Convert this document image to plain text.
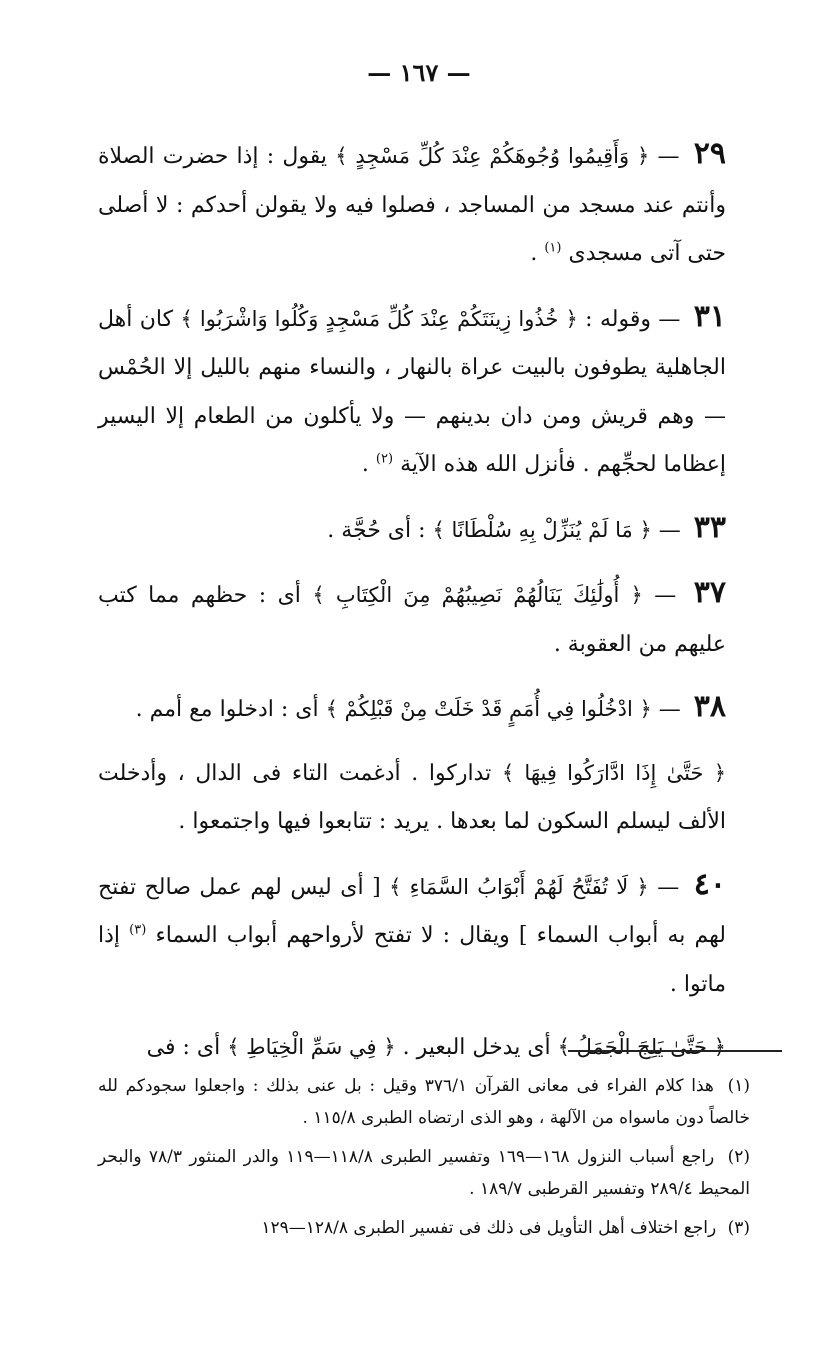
— ١٦٧ —

٢٩ — ﴿ وَأَقِيمُوا وُجُوهَكُمْ عِنْدَ كُلِّ مَسْجِدٍ ﴾ يقول : إذا حضرت الصلاة وأنتم عند مسجد من المساجد ، فصلوا فيه ولا يقولن أحدكم : لا أصلى حتى آتى مسجدى $^{(١)}$ .

٣١ — وقوله : ﴿ خُذُوا زِينَتَكُمْ عِنْدَ كُلِّ مَسْجِدٍ وَكُلُوا وَاشْرَبُوا ﴾ كان أهل الجاهلية يطوفون بالبيت عراة بالنهار ، والنساء منهم بالليل إلا الحُمْس — وهم قريش ومن دان بدينهم — ولا يأكلون من الطعام إلا اليسير إعظاما لحجِّهم . فأنزل الله هذه الآية $^{(٢)}$ .

٣٣ — ﴿ مَا لَمْ يُنَزِّلْ بِهِ سُلْطَانًا ﴾ : أى حُجَّة .

٣٧ — ﴿ أُولَٰئِكَ يَنَالُهُمْ نَصِيبُهُمْ مِنَ الْكِتَابِ ﴾ أى : حظهم مما كتب عليهم من العقوبة .

٣٨ — ﴿ ادْخُلُوا فِي أُمَمٍ قَدْ خَلَتْ مِنْ قَبْلِكُمْ ﴾ أى : ادخلوا مع أمم .

﴿ حَتَّىٰ إِذَا ادَّارَكُوا فِيهَا ﴾ تداركوا . أدغمت التاء فى الدال ، وأدخلت الألف ليسلم السكون لما بعدها . يريد : تتابعوا فيها واجتمعوا .

٤٠ — ﴿ لَا تُفَتَّحُ لَهُمْ أَبْوَابُ السَّمَاءِ ﴾ [ أى ليس لهم عمل صالح تفتح لهم به أبواب السماء ] ويقال : لا تفتح لأرواحهم أبواب السماء $^{(٣)}$ إذا ماتوا .

﴿ حَتَّىٰ يَلِجَ الْجَمَلُ ﴾ أى يدخل البعير . ﴿ فِي سَمِّ الْخِيَاطِ ﴾ أى : فى

(١) هذا كلام الفراء فى معانى القرآن ٣٧٦/١ وقيل : بل عنى بذلك : واجعلوا سجودكم لله خالصاً دون ماسواه من الآلهة ، وهو الذى ارتضاه الطبرى ١١٥/٨ .

(٢) راجع أسباب النزول ١٦٨—١٦٩ وتفسير الطبرى ١١٨/٨—١١٩ والدر المنثور ٧٨/٣ والبحر المحيط ٢٨٩/٤ وتفسير القرطبى ١٨٩/٧ .

(٣) راجع اختلاف أهل التأويل فى ذلك فى تفسير الطبرى ١٢٨/٨—١٢٩
